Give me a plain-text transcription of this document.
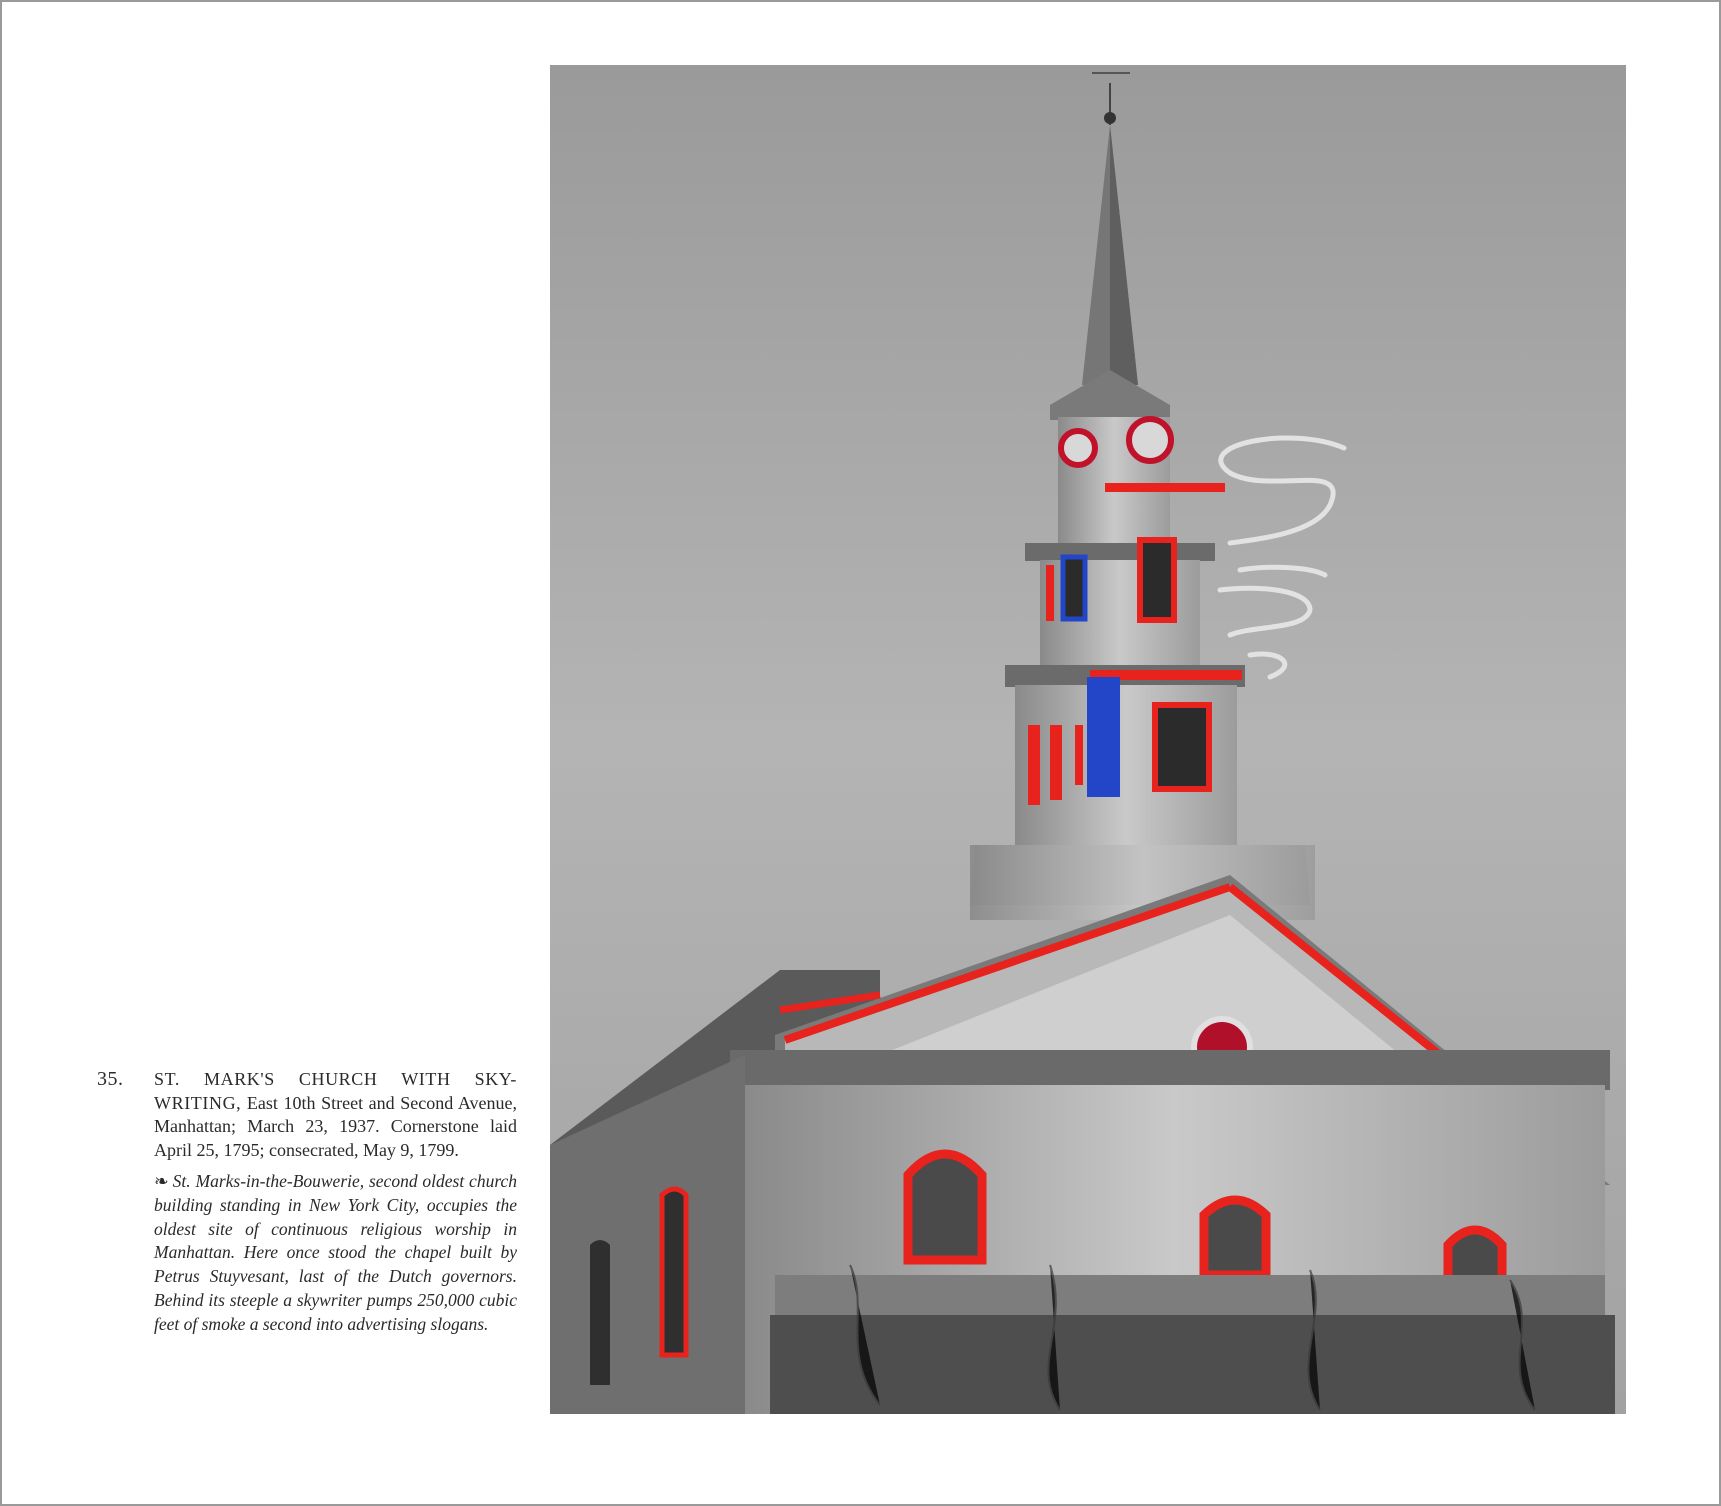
35. ST. MARK'S CHURCH WITH SKY-WRITING, East 10th Street and Second Avenue, Manhattan; March 23, 1937. Cornerstone laid April 25, 1795; consecrated, May 9, 1799.
❧ St. Marks-in-the-Bouwerie, second oldest church building standing in New York City, occupies the oldest site of continuous religious worship in Manhattan. Here once stood the chapel built by Petrus Stuyvesant, last of the Dutch governors. Behind its steeple a skywriter pumps 250,000 cubic feet of smoke a second into advertising slogans.
